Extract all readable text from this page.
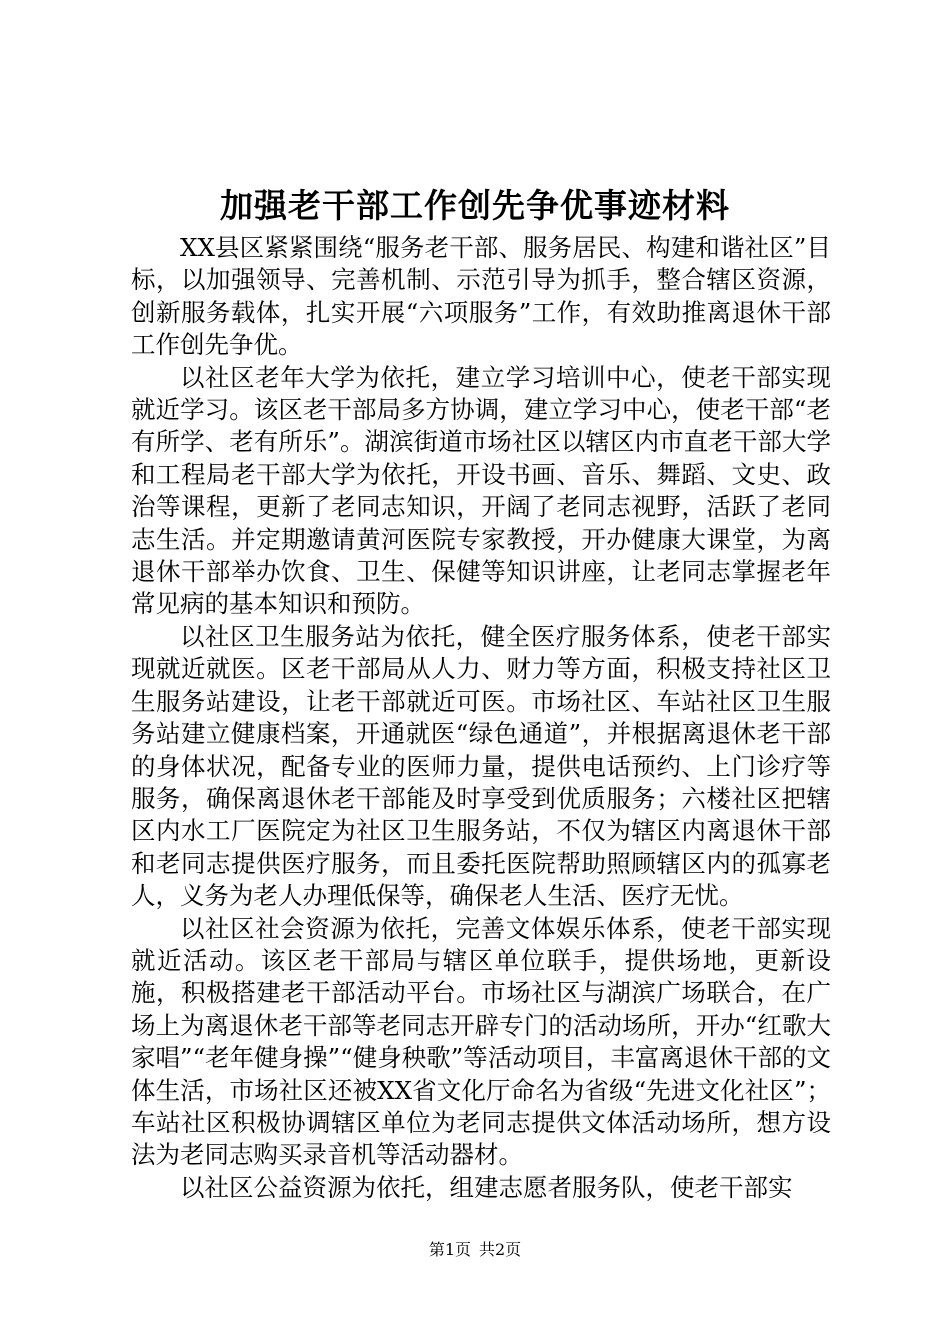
加强老干部工作创先争优事迹材料

XX县区紧紧围绕“服务老干部、服务居民、构建和谐社区”目标，以加强领导、完善机制、示范引导为抓手，整合辖区资源，创新服务载体，扎实开展“六项服务”工作，有效助推离退休干部工作创先争优。

以社区老年大学为依托，建立学习培训中心，使老干部实现就近学习。该区老干部局多方协调，建立学习中心，使老干部“老有所学、老有所乐”。湖滨街道市场社区以辖区内市直老干部大学和工程局老干部大学为依托，开设书画、音乐、舞蹈、文史、政治等课程，更新了老同志知识，开阔了老同志视野，活跃了老同志生活。并定期邀请黄河医院专家教授，开办健康大课堂，为离退休干部举办饮食、卫生、保健等知识讲座，让老同志掌握老年常见病的基本知识和预防。

以社区卫生服务站为依托，健全医疗服务体系，使老干部实现就近就医。区老干部局从人力、财力等方面，积极支持社区卫生服务站建设，让老干部就近可医。市场社区、车站社区卫生服务站建立健康档案，开通就医“绿色通道”，并根据离退休老干部的身体状况，配备专业的医师力量，提供电话预约、上门诊疗等服务，确保离退休老干部能及时享受到优质服务；六楼社区把辖区内水工厂医院定为社区卫生服务站，不仅为辖区内离退休干部和老同志提供医疗服务，而且委托医院帮助照顾辖区内的孤寡老人，义务为老人办理低保等，确保老人生活、医疗无忧。

以社区社会资源为依托，完善文体娱乐体系，使老干部实现就近活动。该区老干部局与辖区单位联手，提供场地，更新设施，积极搭建老干部活动平台。市场社区与湖滨广场联合，在广场上为离退休老干部等老同志开辟专门的活动场所，开办“红歌大家唱”“老年健身操”“健身秧歌”等活动项目，丰富离退休干部的文体生活，市场社区还被XX省文化厅命名为省级“先进文化社区”；车站社区积极协调辖区单位为老同志提供文体活动场所，想方设法为老同志购买录音机等活动器材。

以社区公益资源为依托，组建志愿者服务队，使老干部实

第1页 共2页
